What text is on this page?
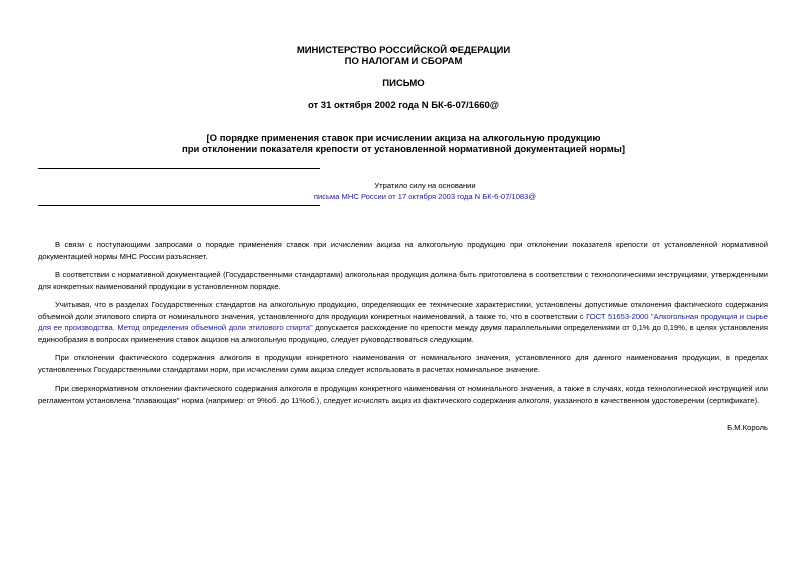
МИНИСТЕРСТВО РОССИЙСКОЙ ФЕДЕРАЦИИ
ПО НАЛОГАМ И СБОРАМ
ПИСЬМО
от 31 октября 2002 года N БК-6-07/1660@
[О порядке применения ставок при исчислении акциза на алкогольную продукцию
при отклонении показателя крепости от установленной нормативной документацией нормы]
Утратило силу на основании
письма МНС России от 17 октября 2003 года N БК-6-07/1083@
В связи с поступающими запросами о порядке применения ставок при исчислении акциза на алкогольную продукцию при отклонении показателя крепости от установленной нормативной документацией нормы МНС России разъясняет.
В соответствии с нормативной документацией (Государственными стандартами) алкогольная продукция должна быть приготовлена в соответствии с технологическими инструкциями, утвержденными для конкретных наименований продукции в установленном порядке.
Учитывая, что в разделах Государственных стандартов на алкогольную продукцию, определяющих ее технические характеристики, установлены допустимые отклонения фактического содержания объемной доли этилового спирта от номинального значения, установленного для продукции конкретных наименований, а также то, что в соответствии с ГОСТ 51653-2000 "Алкогольная продукция и сырье для ее производства. Метод определения объемной доли этилового спирта" допускается расхождение по крепости между двумя параллельными определениями от 0,1% до 0,19%, в целях установления единообразия в вопросах применения ставок акцизов на алкогольную продукцию, следует руководствоваться следующим.
При отклонении фактического содержания алкоголя в продукции конкретного наименования от номинального значения, установленного для данного наименования продукции, в пределах установленных Государственными стандартами норм, при исчислении сумм акциза следует использовать в расчетах номинальное значение.
При сверхнормативном отклонении фактического содержания алкоголя в продукции конкретного наименования от номинального значения, а также в случаях, когда технологической инструкцией или регламентом установлена "плавающая" норма (например: от 9%об. до 11%об.), следует исчислять акциз из фактического содержания алкоголя, указанного в качественном удостоверении (сертификате).
Б.М.Король
